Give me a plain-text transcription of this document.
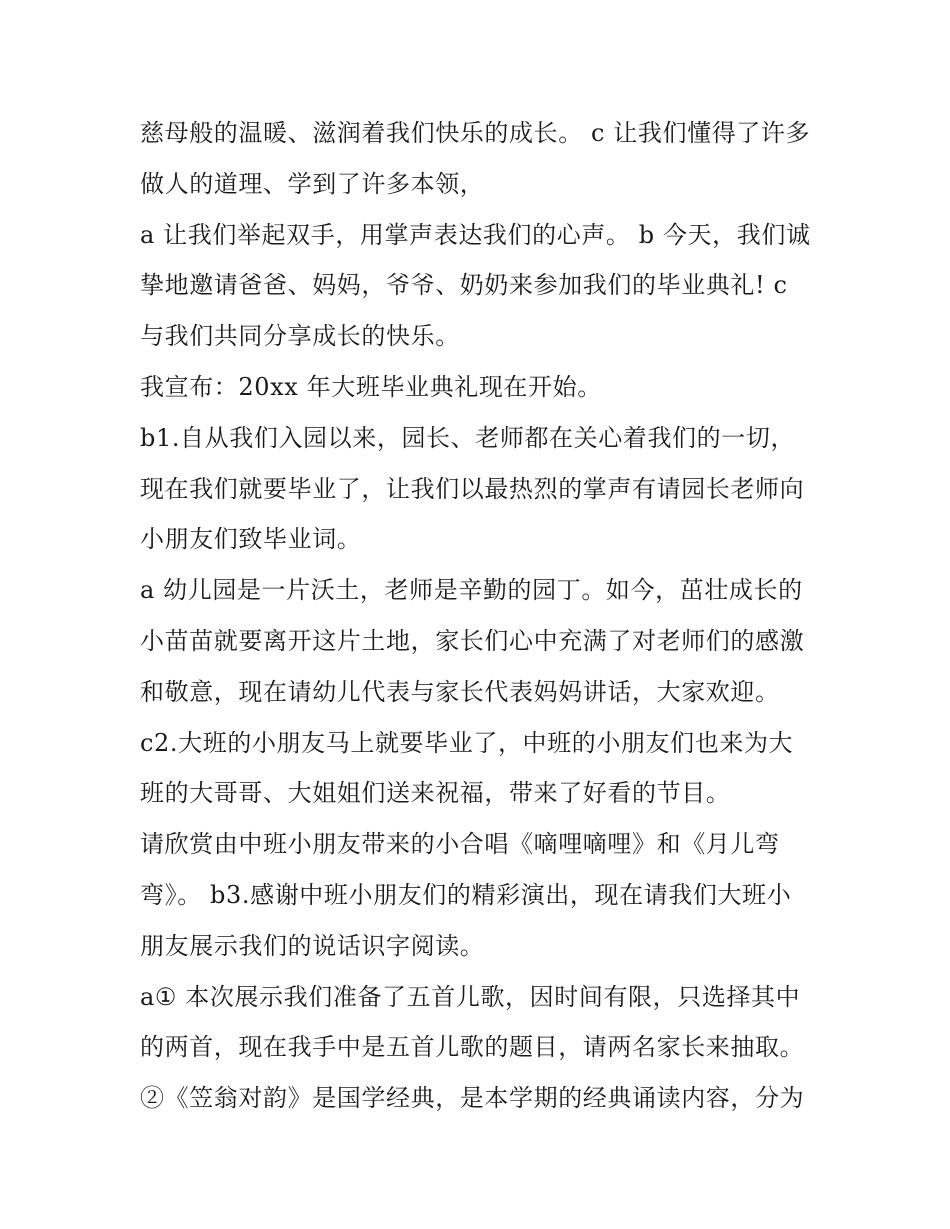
慈母般的温暖、滋润着我们快乐的成长。 c 让我们懂得了许多
做人的道理、学到了许多本领，
a 让我们举起双手，用掌声表达我们的心声。 b 今天，我们诚
挚地邀请爸爸、妈妈，爷爷、奶奶来参加我们的毕业典礼! c
与我们共同分享成长的快乐。
我宣布：20xx 年大班毕业典礼现在开始。
b1.自从我们入园以来，园长、老师都在关心着我们的一切，
现在我们就要毕业了，让我们以最热烈的掌声有请园长老师向
小朋友们致毕业词。
a 幼儿园是一片沃土，老师是辛勤的园丁。如今，茁壮成长的
小苗苗就要离开这片土地，家长们心中充满了对老师们的感激
和敬意，现在请幼儿代表与家长代表妈妈讲话，大家欢迎。
c2.大班的小朋友马上就要毕业了，中班的小朋友们也来为大
班的大哥哥、大姐姐们送来祝福，带来了好看的节目。
请欣赏由中班小朋友带来的小合唱《嘀哩嘀哩》和《月儿弯
弯》。 b3.感谢中班小朋友们的精彩演出，现在请我们大班小
朋友展示我们的说话识字阅读。
a① 本次展示我们准备了五首儿歌，因时间有限，只选择其中
的两首，现在我手中是五首儿歌的题目，请两名家长来抽取。
②《笠翁对韵》是国学经典，是本学期的经典诵读内容，分为
